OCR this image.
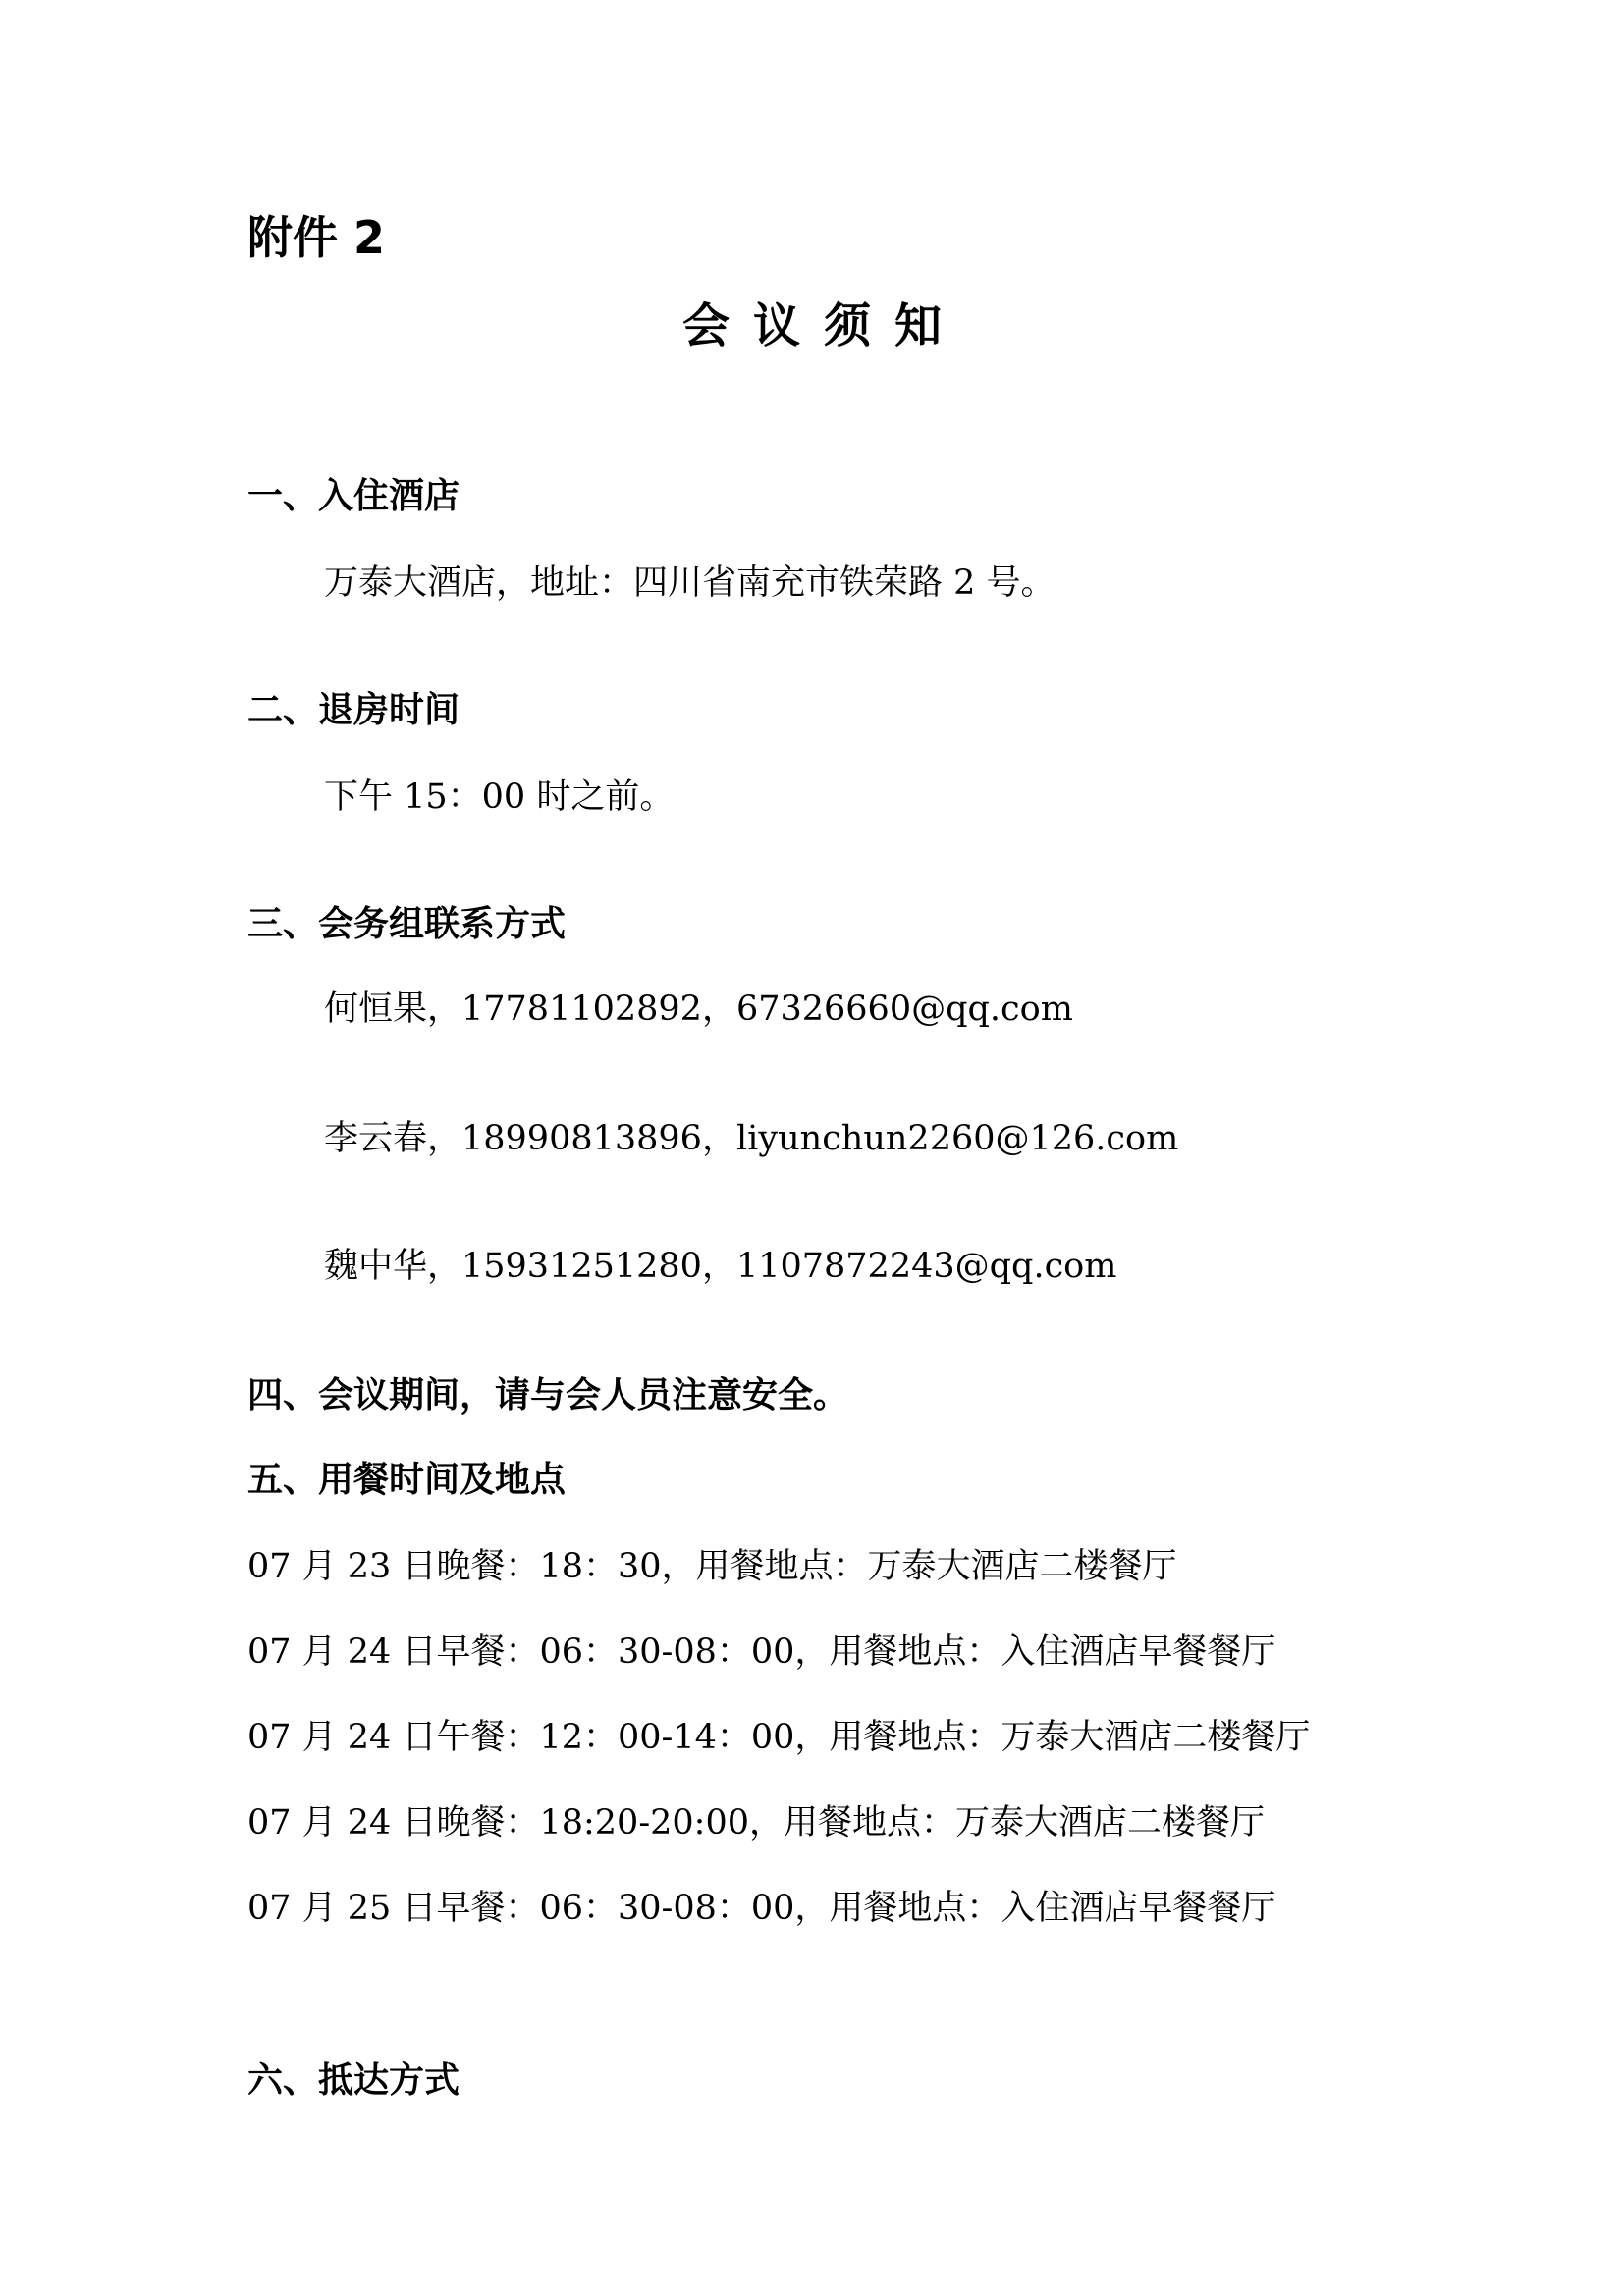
附件 2
会议须知
一、入住酒店
万泰大酒店，地址：四川省南充市铁荣路 2 号。
二、退房时间
下午 15：00 时之前。
三、会务组联系方式
何恒果，17781102892，67326660@qq.com
李云春，18990813896，liyunchun2260@126.com
魏中华，15931251280，1107872243@qq.com
四、会议期间，请与会人员注意安全。
五、用餐时间及地点
07 月 23 日晚餐：18：30，用餐地点：万泰大酒店二楼餐厅
07 月 24 日早餐：06：30-08：00，用餐地点：入住酒店早餐餐厅
07 月 24 日午餐：12：00-14：00，用餐地点：万泰大酒店二楼餐厅
07 月 24 日晚餐：18:20-20:00，用餐地点：万泰大酒店二楼餐厅
07 月 25 日早餐：06：30-08：00，用餐地点：入住酒店早餐餐厅
六、抵达方式
